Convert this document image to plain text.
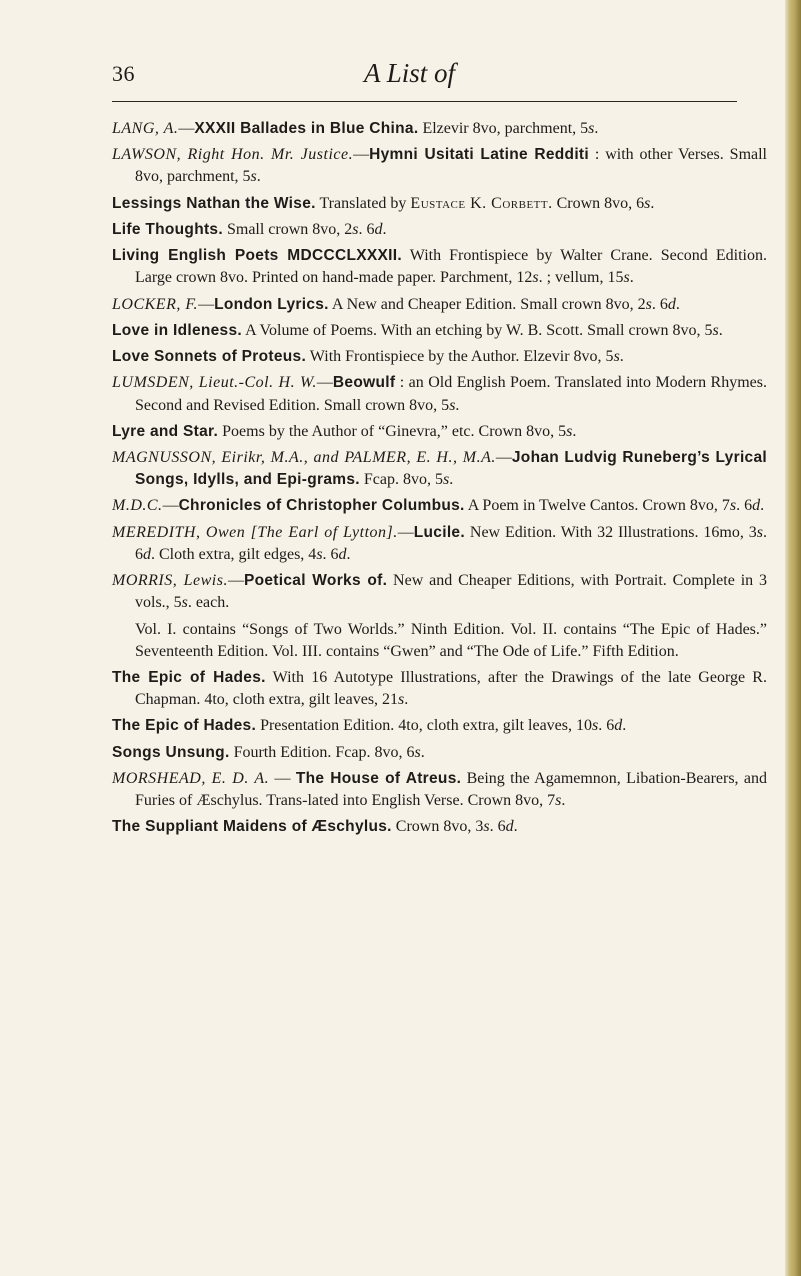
36	A List of

LANG, A.—XXXII Ballades in Blue China. Elzevir 8vo, parchment, 5s.

LAWSON, Right Hon. Mr. Justice.—Hymni Usitati Latine Redditi : with other Verses. Small 8vo, parchment, 5s.

Lessings Nathan the Wise. Translated by Eustace K. Corbett. Crown 8vo, 6s.

Life Thoughts. Small crown 8vo, 2s. 6d.

Living English Poets MDCCCLXXXII. With Frontispiece by Walter Crane. Second Edition. Large crown 8vo. Printed on hand-made paper. Parchment, 12s. ; vellum, 15s.

LOCKER, F.—London Lyrics. A New and Cheaper Edition. Small crown 8vo, 2s. 6d.

Love in Idleness. A Volume of Poems. With an etching by W. B. Scott. Small crown 8vo, 5s.

Love Sonnets of Proteus. With Frontispiece by the Author. Elzevir 8vo, 5s.

LUMSDEN, Lieut.-Col. H. W.—Beowulf : an Old English Poem. Translated into Modern Rhymes. Second and Revised Edition. Small crown 8vo, 5s.

Lyre and Star. Poems by the Author of “Ginevra,” etc. Crown 8vo, 5s.

MAGNUSSON, Eirikr, M.A., and PALMER, E. H., M.A.—Johan Ludvig Runeberg’s Lyrical Songs, Idylls, and Epi-grams. Fcap. 8vo, 5s.

M.D.C.—Chronicles of Christopher Columbus. A Poem in Twelve Cantos. Crown 8vo, 7s. 6d.

MEREDITH, Owen [The Earl of Lytton].—Lucile. New Edition. With 32 Illustrations. 16mo, 3s. 6d. Cloth extra, gilt edges, 4s. 6d.

MORRIS, Lewis.—Poetical Works of. New and Cheaper Editions, with Portrait. Complete in 3 vols., 5s. each.

Vol. I. contains “Songs of Two Worlds.” Ninth Edition. Vol. II. contains “The Epic of Hades.” Seventeenth Edition. Vol. III. contains “Gwen” and “The Ode of Life.” Fifth Edition.

The Epic of Hades. With 16 Autotype Illustrations, after the Drawings of the late George R. Chapman. 4to, cloth extra, gilt leaves, 21s.

The Epic of Hades. Presentation Edition. 4to, cloth extra, gilt leaves, 10s. 6d.

Songs Unsung. Fourth Edition. Fcap. 8vo, 6s.

MORSHEAD, E. D. A. — The House of Atreus. Being the Agamemnon, Libation-Bearers, and Furies of Æschylus. Trans-lated into English Verse. Crown 8vo, 7s.

The Suppliant Maidens of Æschylus. Crown 8vo, 3s. 6d.
